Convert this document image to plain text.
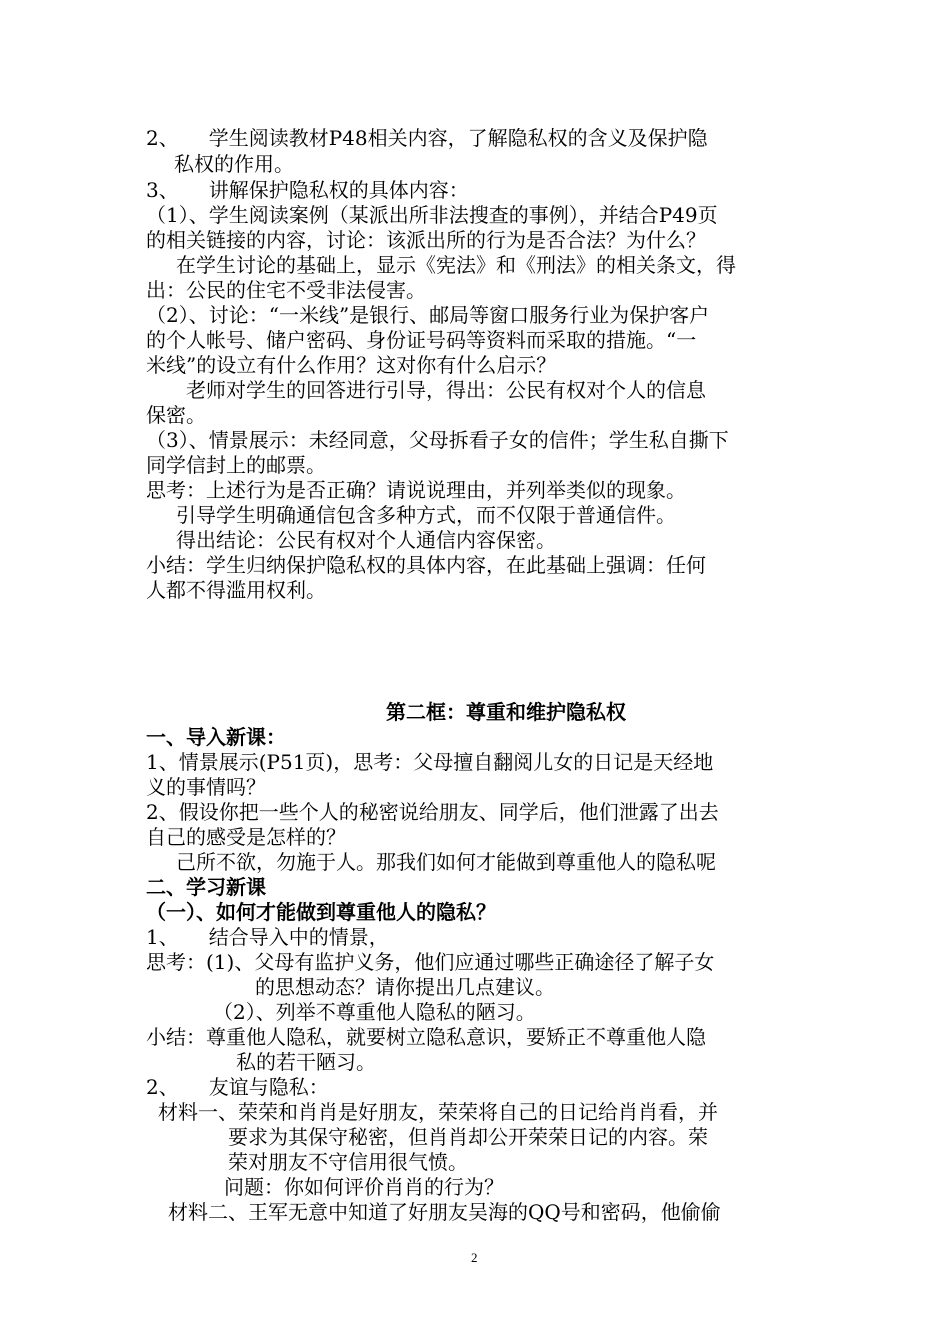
2、　　学生阅读教材P48相关内容，了解隐私权的含义及保护隐
私权的作用。
3、　　讲解保护隐私权的具体内容：
（1）、学生阅读案例（某派出所非法搜查的事例），并结合P49页
的相关链接的内容，讨论：该派出所的行为是否合法？为什么？
在学生讨论的基础上，显示《宪法》和《刑法》的相关条文，得
出：公民的住宅不受非法侵害。
（2）、讨论：“一米线”是银行、邮局等窗口服务行业为保护客户
的个人帐号、储户密码、身份证号码等资料而采取的措施。“一
米线”的设立有什么作用？这对你有什么启示？
老师对学生的回答进行引导，得出：公民有权对个人的信息
保密。
（3）、情景展示：未经同意，父母拆看子女的信件；学生私自撕下
同学信封上的邮票。
思考：上述行为是否正确？请说说理由，并列举类似的现象。
引导学生明确通信包含多种方式，而不仅限于普通信件。
得出结论：公民有权对个人通信内容保密。
小结：学生归纳保护隐私权的具体内容，在此基础上强调：任何
人都不得滥用权利。
第二框：尊重和维护隐私权
一、导入新课：
1、情景展示(P51页)，思考：父母擅自翻阅儿女的日记是天经地
义的事情吗？
2、假设你把一些个人的秘密说给朋友、同学后，他们泄露了出去
自己的感受是怎样的？
己所不欲，勿施于人。那我们如何才能做到尊重他人的隐私呢
二、学习新课
（一）、如何才能做到尊重他人的隐私？
1、　　结合导入中的情景，
思考：(1)、父母有监护义务，他们应通过哪些正确途径了解子女
的思想动态？请你提出几点建议。
（2）、列举不尊重他人隐私的陋习。
小结：尊重他人隐私，就要树立隐私意识，要矫正不尊重他人隐
私的若干陋习。
2、　　友谊与隐私：
材料一、荣荣和肖肖是好朋友，荣荣将自己的日记给肖肖看，并
要求为其保守秘密，但肖肖却公开荣荣日记的内容。荣
荣对朋友不守信用很气愤。
问题：你如何评价肖肖的行为？
材料二、王军无意中知道了好朋友吴海的QQ号和密码，他偷偷
2
